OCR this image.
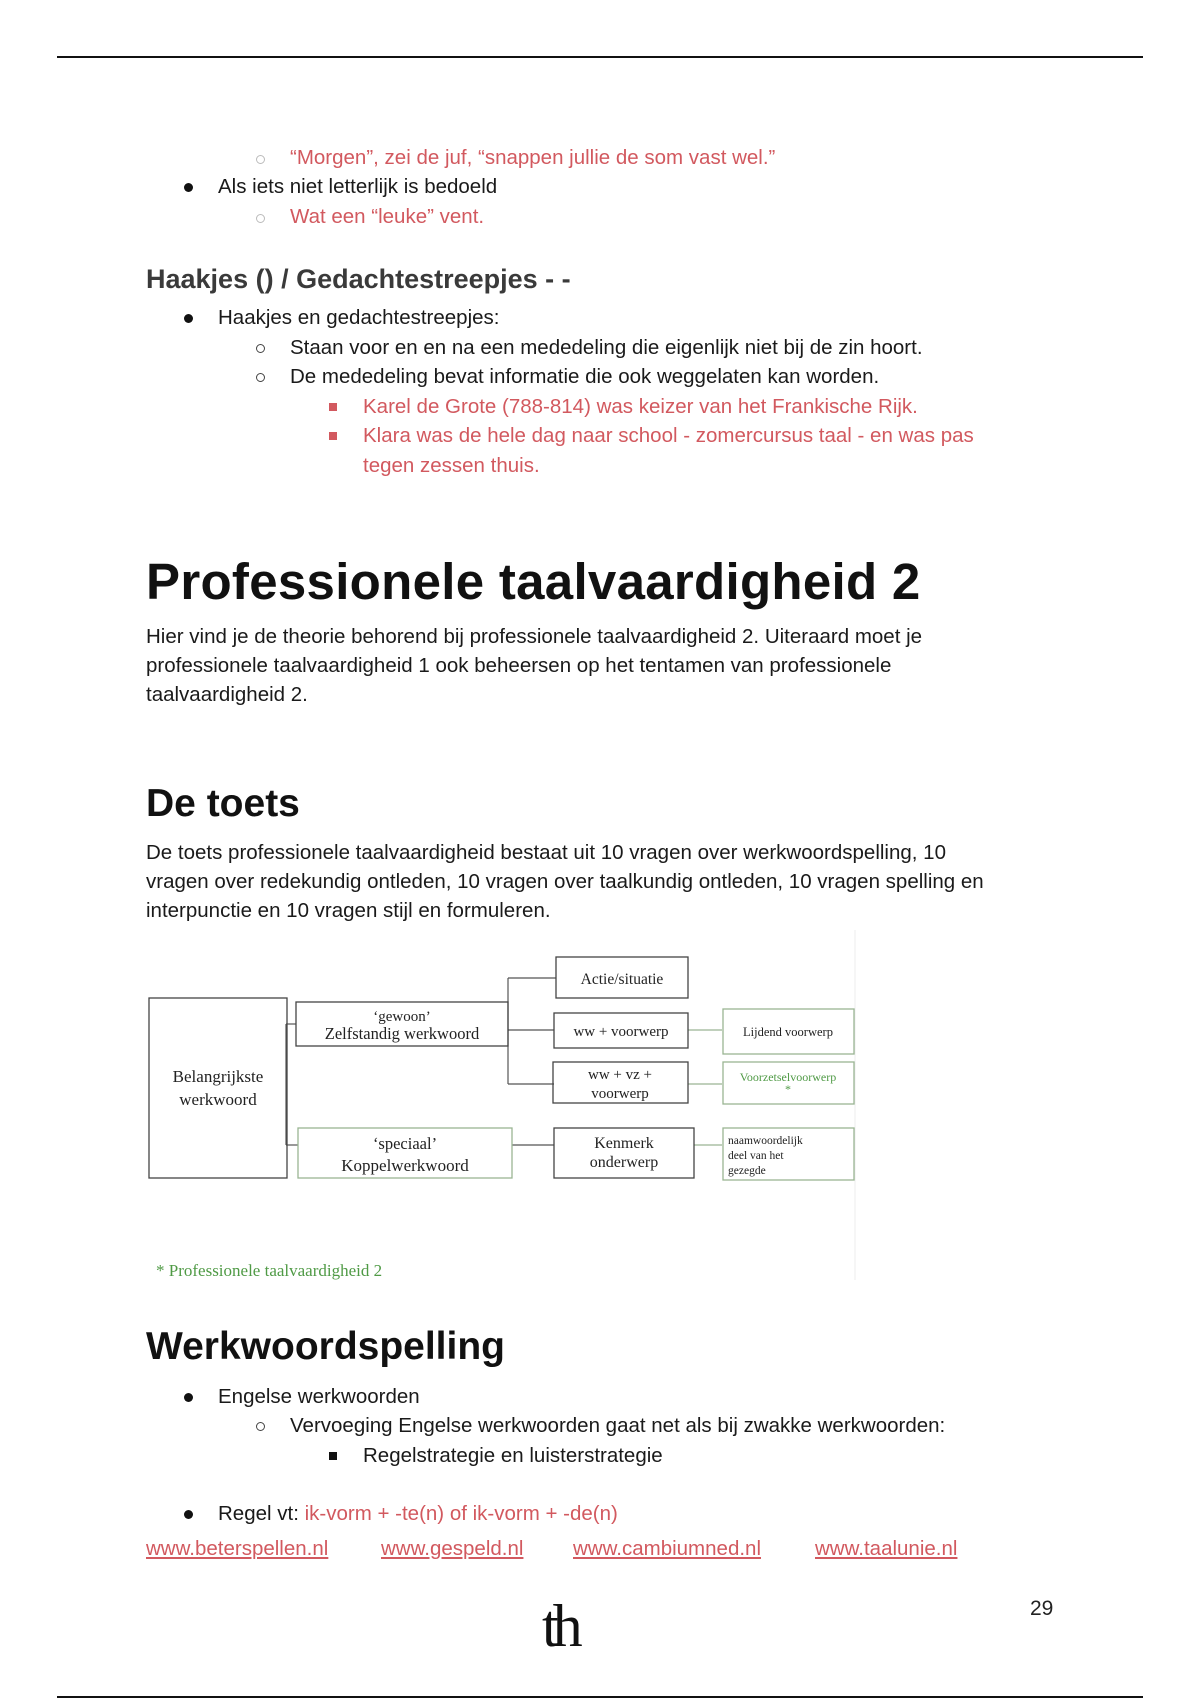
“Morgen”, zei de juf, “snappen jullie de som vast wel.”
Als iets niet letterlijk is bedoeld
Wat een “leuke” vent.
Haakjes () / Gedachtestreepjes - -
Haakjes en gedachtestreepjes:
Staan voor en en na een mededeling die eigenlijk niet bij de zin hoort.
De mededeling bevat informatie die ook weggelaten kan worden.
Karel de Grote (788-814) was keizer van het Frankische Rijk.
Klara was de hele dag naar school - zomercursus taal - en was pas
tegen zessen thuis.
Professionele taalvaardigheid 2
Hier vind je de theorie behorend bij professionele taalvaardigheid 2. Uiteraard moet je
professionele taalvaardigheid 1 ook beheersen op het tentamen van professionele
taalvaardigheid 2.
De toets
De toets professionele taalvaardigheid bestaat uit 10 vragen over werkwoordspelling, 10
vragen over redekundig ontleden, 10 vragen over taalkundig ontleden, 10 vragen spelling en
interpunctie en 10 vragen stijl en formuleren.
Belangrijkste
werkwoord
‘gewoon’
Zelfstandig werkwoord
‘speciaal’
Koppelwerkwoord
Actie/situatie
ww + voorwerp
ww + vz +
voorwerp
Kenmerk
onderwerp
Lijdend voorwerp
Voorzetselvoorwerp
*
naamwoordelijk
deel van het
gezegde
* Professionele taalvaardigheid 2
Werkwoordspelling
Engelse werkwoorden
Vervoeging Engelse werkwoorden gaat net als bij zwakke werkwoorden:
Regelstrategie en luisterstrategie
Regel vt: ik-vorm + -te(n) of ik-vorm + -de(n)
www.beterspellen.nl	www.gespeld.nl www.cambiumned.nl	www.taalunie.nl
th	29
